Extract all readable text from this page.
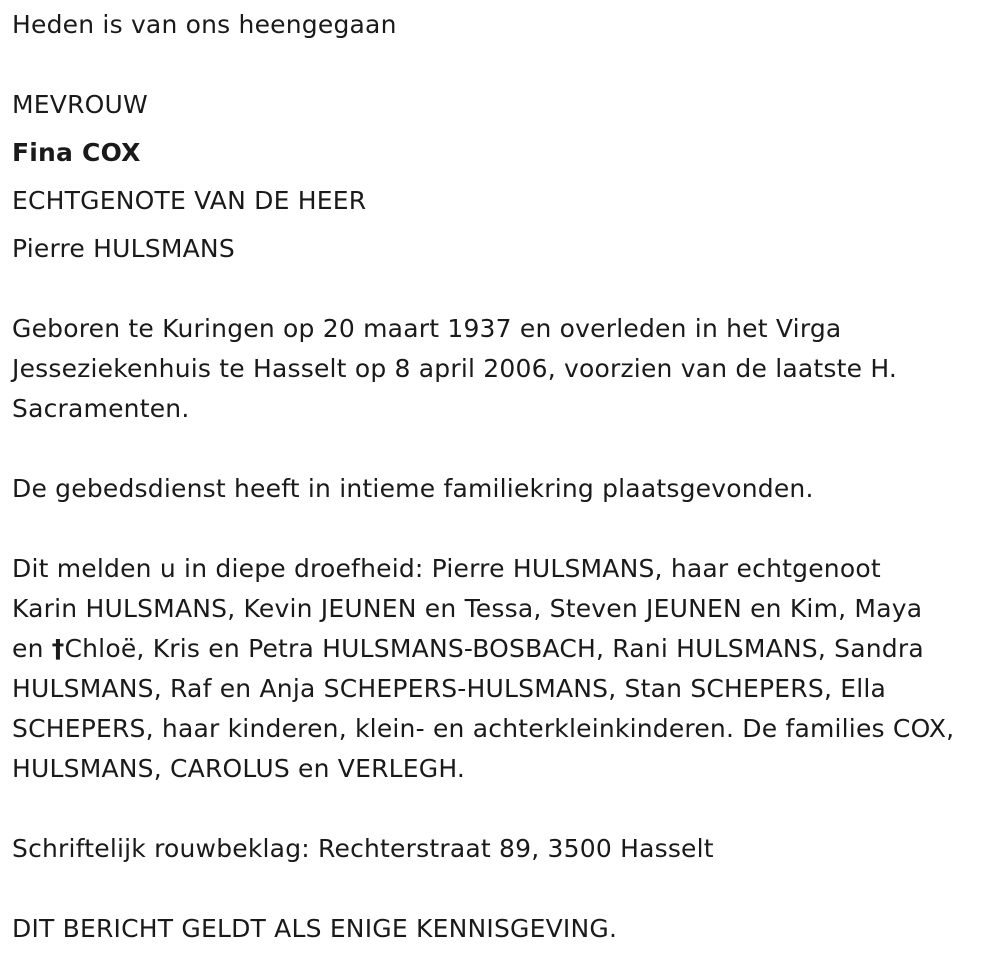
Heden is van ons heengegaan
MEVROUW
Fina COX
ECHTGENOTE VAN DE HEER
Pierre HULSMANS
Geboren te Kuringen op 20 maart 1937 en overleden in het Virga
Jesseziekenhuis te Hasselt op 8 april 2006, voorzien van de laatste H.
Sacramenten.
De gebedsdienst heeft in intieme familiekring plaatsgevonden.
Dit melden u in diepe droefheid: Pierre HULSMANS, haar echtgenoot
Karin HULSMANS, Kevin JEUNEN en Tessa, Steven JEUNEN en Kim, Maya
en †Chloë, Kris en Petra HULSMANS-BOSBACH, Rani HULSMANS, Sandra
HULSMANS, Raf en Anja SCHEPERS-HULSMANS, Stan SCHEPERS, Ella
SCHEPERS, haar kinderen, klein- en achterkleinkinderen. De families COX,
HULSMANS, CAROLUS en VERLEGH.
Schriftelijk rouwbeklag: Rechterstraat 89, 3500 Hasselt
DIT BERICHT GELDT ALS ENIGE KENNISGEVING.
